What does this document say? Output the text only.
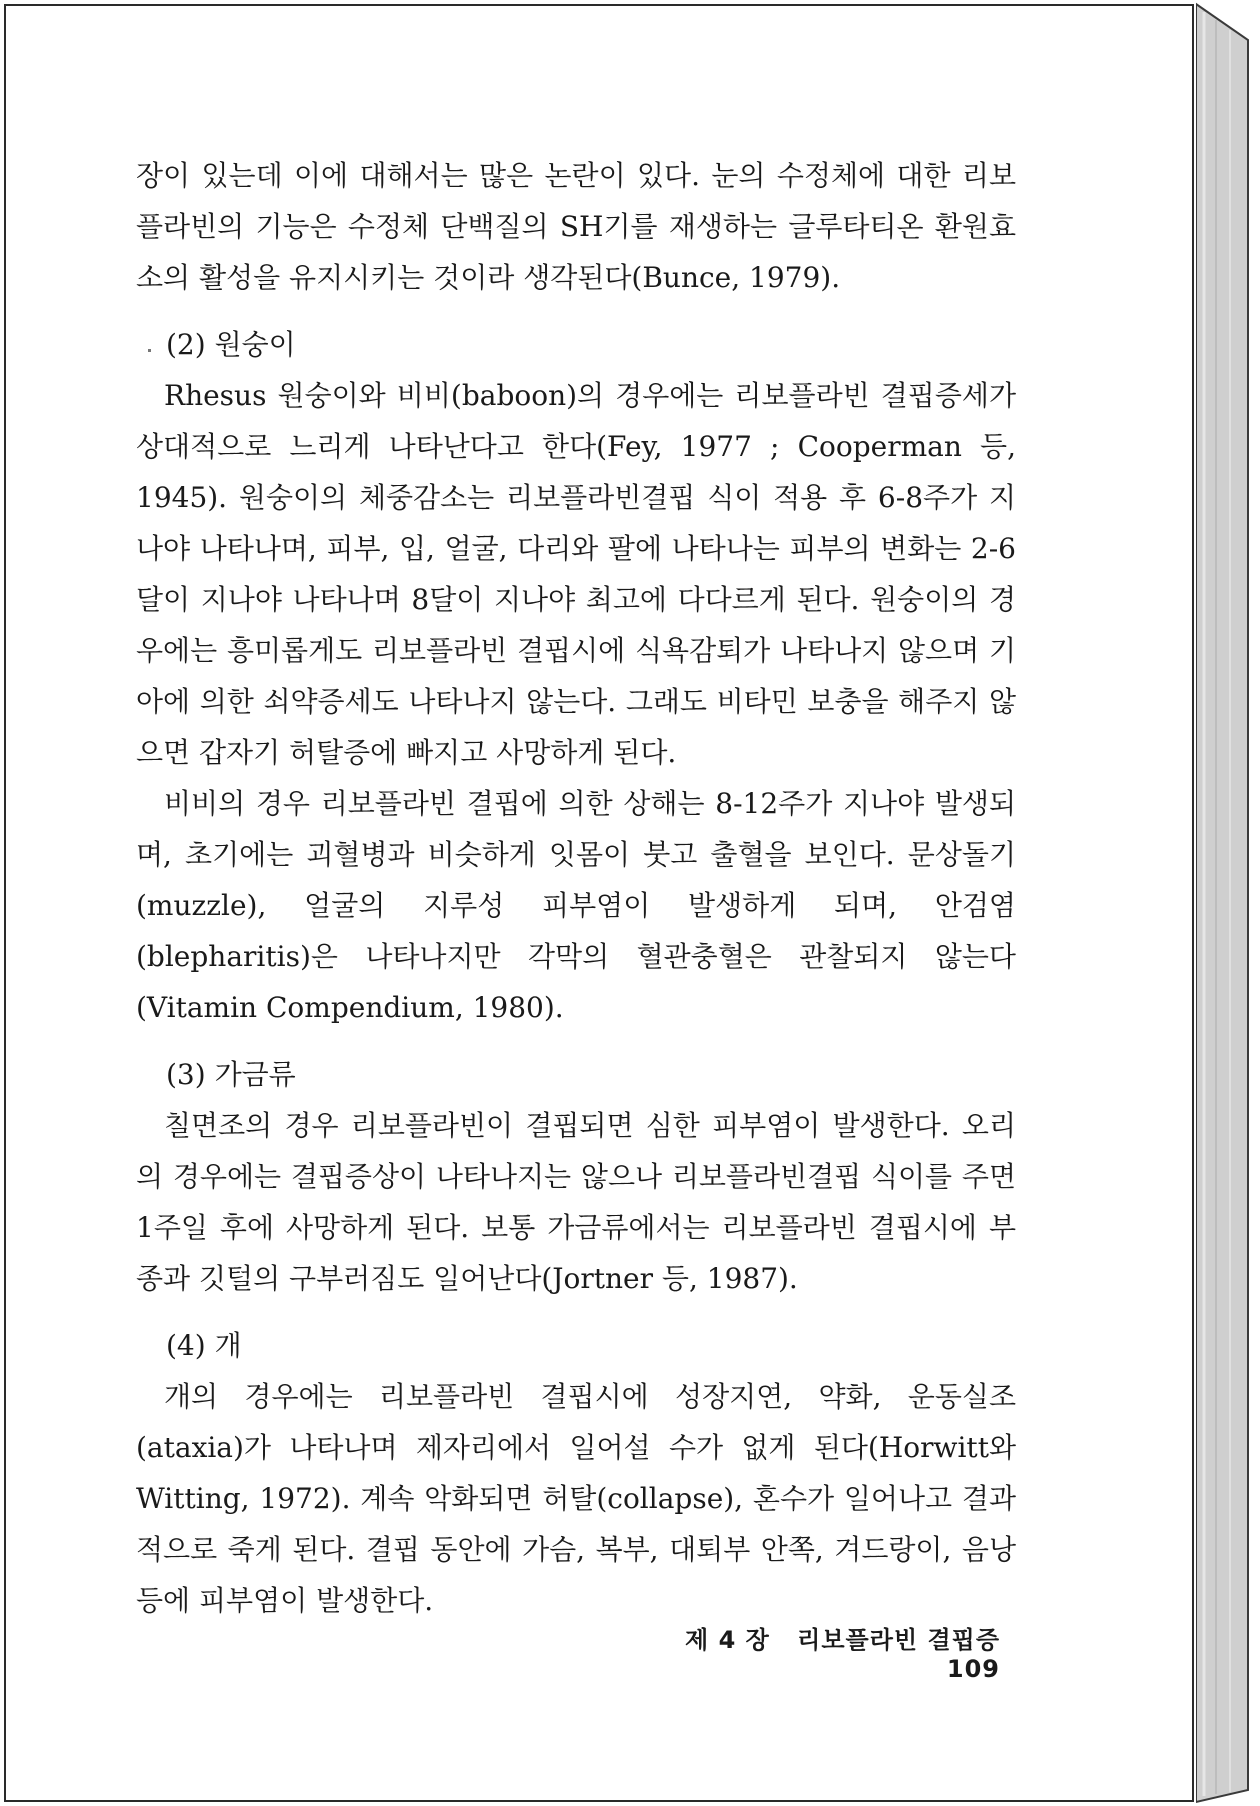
장이 있는데 이에 대해서는 많은 논란이 있다. 눈의 수정체에 대한 리보플라빈의 기능은 수정체 단백질의 SH기를 재생하는 글루타티온 환원효소의 활성을 유지시키는 것이라 생각된다(Bunce, 1979).

(2) 원숭이

Rhesus 원숭이와 비비(baboon)의 경우에는 리보플라빈 결핍증세가 상대적으로 느리게 나타난다고 한다(Fey, 1977 ; Cooperman 등, 1945). 원숭이의 체중감소는 리보플라빈결핍 식이 적용 후 6-8주가 지나야 나타나며, 피부, 입, 얼굴, 다리와 팔에 나타나는 피부의 변화는 2-6달이 지나야 나타나며 8달이 지나야 최고에 다다르게 된다. 원숭이의 경우에는 흥미롭게도 리보플라빈 결핍시에 식욕감퇴가 나타나지 않으며 기아에 의한 쇠약증세도 나타나지 않는다. 그래도 비타민 보충을 해주지 않으면 갑자기 허탈증에 빠지고 사망하게 된다.

비비의 경우 리보플라빈 결핍에 의한 상해는 8-12주가 지나야 발생되며, 초기에는 괴혈병과 비슷하게 잇몸이 붓고 출혈을 보인다. 문상돌기(muzzle), 얼굴의 지루성 피부염이 발생하게 되며, 안검염(blepharitis)은 나타나지만 각막의 혈관충혈은 관찰되지 않는다(Vitamin Compendium, 1980).

(3) 가금류

칠면조의 경우 리보플라빈이 결핍되면 심한 피부염이 발생한다. 오리의 경우에는 결핍증상이 나타나지는 않으나 리보플라빈결핍 식이를 주면 1주일 후에 사망하게 된다. 보통 가금류에서는 리보플라빈 결핍시에 부종과 깃털의 구부러짐도 일어난다(Jortner 등, 1987).

(4) 개

개의 경우에는 리보플라빈 결핍시에 성장지연, 약화, 운동실조(ataxia)가 나타나며 제자리에서 일어설 수가 없게 된다(Horwitt와 Witting, 1972). 계속 악화되면 허탈(collapse), 혼수가 일어나고 결과적으로 죽게 된다. 결핍 동안에 가슴, 복부, 대퇴부 안쪽, 겨드랑이, 음낭 등에 피부염이 발생한다.

제 4 장 리보플라빈 결핍증 109
